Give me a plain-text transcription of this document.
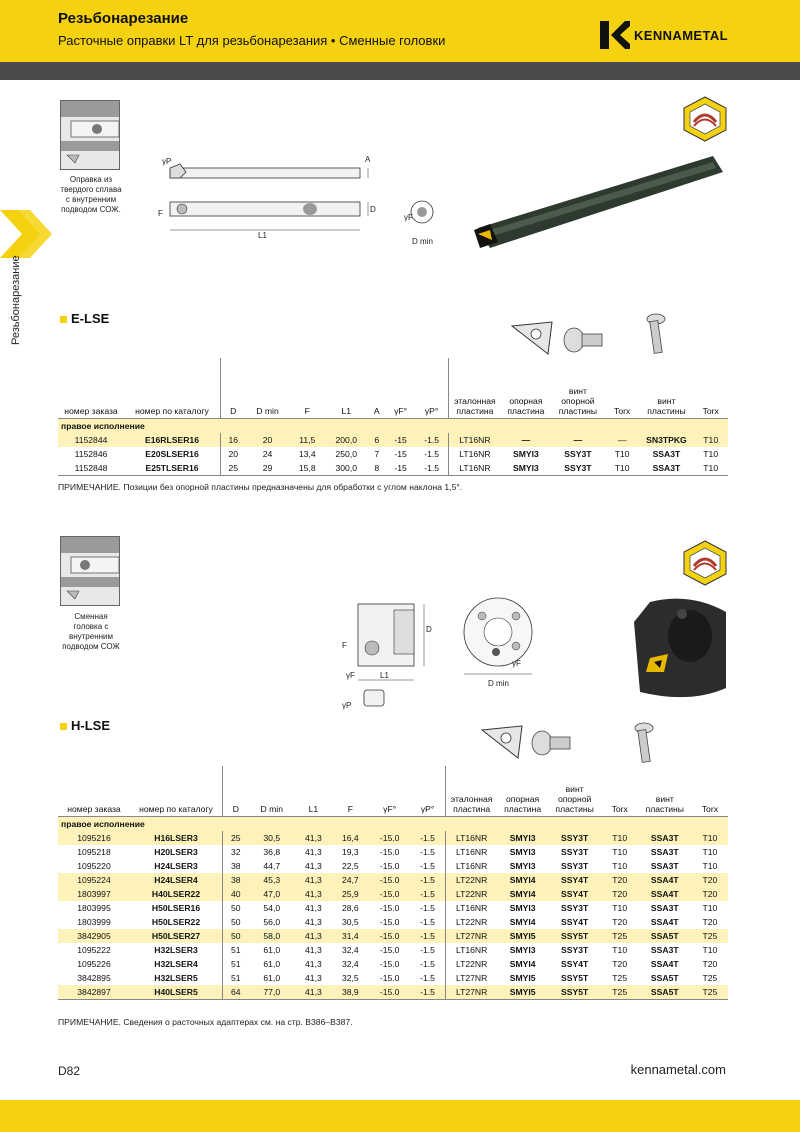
Резьбонарезание
Расточные оправки LT для резьбонарезания • Сменные головки	KENNAMETAL
Резьбонарезание
Оправка из
твердого сплава
с внутренним
подводом СОЖ.
γP	A
F	D
L1
γF
D min
E-LSE
номер заказа	номер по каталогу	D	D min	F	L1	A	γF°	γP°	эталонная пластина	опорная пластина	винт опорной пластины	Torx	винт пластины	Torx
правое исполнение														
1152844	E16RLSER16	16	20	11,5	200,0	6	-15	-1.5	LT16NR	—	—	—	SN3TPKG	T10
1152846	E20SLSER16	20	24	13,4	250,0	7	-15	-1.5	LT16NR	SMYI3	SSY3T	T10	SSA3T	T10
1152848	E25TLSER16	25	29	15,8	300,0	8	-15	-1.5	LT16NR	SMYI3	SSY3T	T10	SSA3T	T10
ПРИМЕЧАНИЕ. Позиции без опорной пластины предназначены для обработки с углом наклона 1,5°.
Сменная
головка с
внутренним
подводом СОЖ
D
F
L1
γF
γP
γF
D min
H-LSE
номер заказа	номер по каталогу	D	D min	L1	F	γF°	γP°	эталонная пластина	опорная пластина	винт опорной пластины	Torx	винт пластины	Torx
правое исполнение													
1095216	H16LSER3	25	30,5	41,3	16,4	-15.0	-1.5	LT16NR	SMYI3	SSY3T	T10	SSA3T	T10
1095218	H20LSER3	32	36,8	41,3	19,3	-15.0	-1.5	LT16NR	SMYI3	SSY3T	T10	SSA3T	T10
1095220	H24LSER3	38	44,7	41,3	22,5	-15.0	-1.5	LT16NR	SMYI3	SSY3T	T10	SSA3T	T10
1095224	H24LSER4	38	45,3	41,3	24,7	-15.0	-1.5	LT22NR	SMYI4	SSY4T	T20	SSA4T	T20
1803997	H40LSER22	40	47,0	41,3	25,9	-15.0	-1.5	LT22NR	SMYI4	SSY4T	T20	SSA4T	T20
1803995	H50LSER16	50	54,0	41,3	28,6	-15.0	-1.5	LT16NR	SMYI3	SSY3T	T10	SSA3T	T10
1803999	H50LSER22	50	56,0	41,3	30,5	-15.0	-1.5	LT22NR	SMYI4	SSY4T	T20	SSA4T	T20
3842905	H50LSER27	50	58,0	41,3	31,4	-15.0	-1.5	LT27NR	SMYI5	SSY5T	T25	SSA5T	T25
1095222	H32LSER3	51	61,0	41,3	32,4	-15.0	-1.5	LT16NR	SMYI3	SSY3T	T10	SSA3T	T10
1095226	H32LSER4	51	61,0	41,3	32,4	-15.0	-1.5	LT22NR	SMYI4	SSY4T	T20	SSA4T	T20
3842895	H32LSER5	51	61,0	41,3	32,5	-15.0	-1.5	LT27NR	SMYI5	SSY5T	T25	SSA5T	T25
3842897	H40LSER5	64	77,0	41,3	38,9	-15.0	-1.5	LT27NR	SMYI5	SSY5T	T25	SSA5T	T25
ПРИМЕЧАНИЕ. Сведения о расточных адаптерах см. на стр. B386–B387.
D82	kennametal.com
